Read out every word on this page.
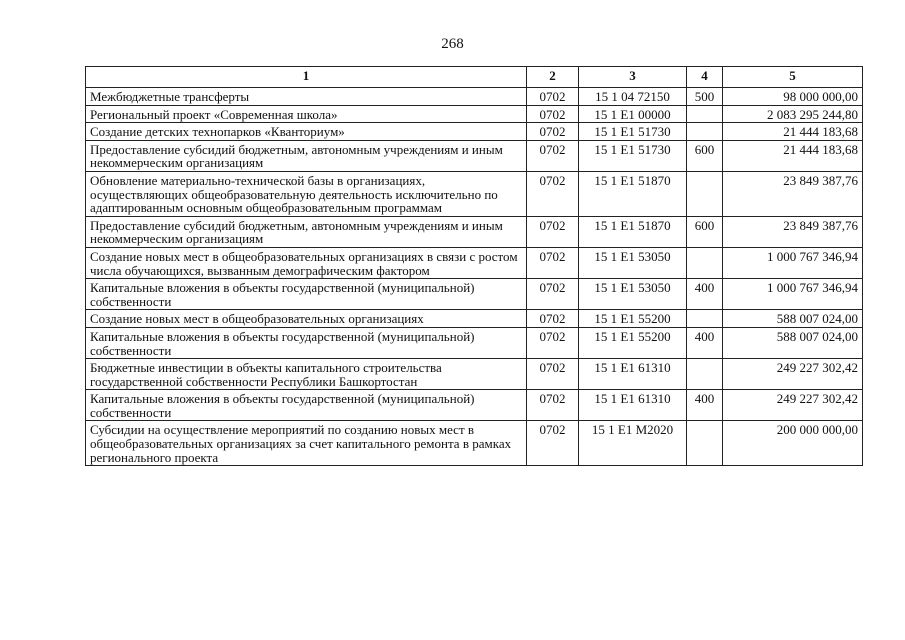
268
1	2	3	4	5
Межбюджетные трансферты	0702	15 1 04 72150	500	98 000 000,00
Региональный проект «Современная школа»	0702	15 1 E1 00000		2 083 295 244,80
Создание детских технопарков «Кванториум»	0702	15 1 E1 51730		21 444 183,68
Предоставление субсидий бюджетным, автономным учреждениям и иным некоммерческим организациям	0702	15 1 E1 51730	600	21 444 183,68
Обновление материально-технической базы в организациях, осуществляющих общеобразовательную деятельность исключительно по адаптированным основным общеобразовательным программам	0702	15 1 E1 51870		23 849 387,76
Предоставление субсидий бюджетным, автономным учреждениям и иным некоммерческим организациям	0702	15 1 E1 51870	600	23 849 387,76
Создание новых мест в общеобразовательных организациях в связи с ростом числа обучающихся, вызванным демографическим фактором	0702	15 1 E1 53050		1 000 767 346,94
Капитальные вложения в объекты государственной (муниципальной) собственности	0702	15 1 E1 53050	400	1 000 767 346,94
Создание новых мест в общеобразовательных организациях	0702	15 1 E1 55200		588 007 024,00
Капитальные вложения в объекты государственной (муниципальной) собственности	0702	15 1 E1 55200	400	588 007 024,00
Бюджетные инвестиции в объекты капитального строительства государственной собственности Республики Башкортостан	0702	15 1 E1 61310		249 227 302,42
Капитальные вложения в объекты государственной (муниципальной) собственности	0702	15 1 E1 61310	400	249 227 302,42
Субсидии на осуществление мероприятий по созданию новых мест в общеобразовательных организациях за счет капитального ремонта в рамках регионального проекта	0702	15 1 E1 M2020		200 000 000,00
